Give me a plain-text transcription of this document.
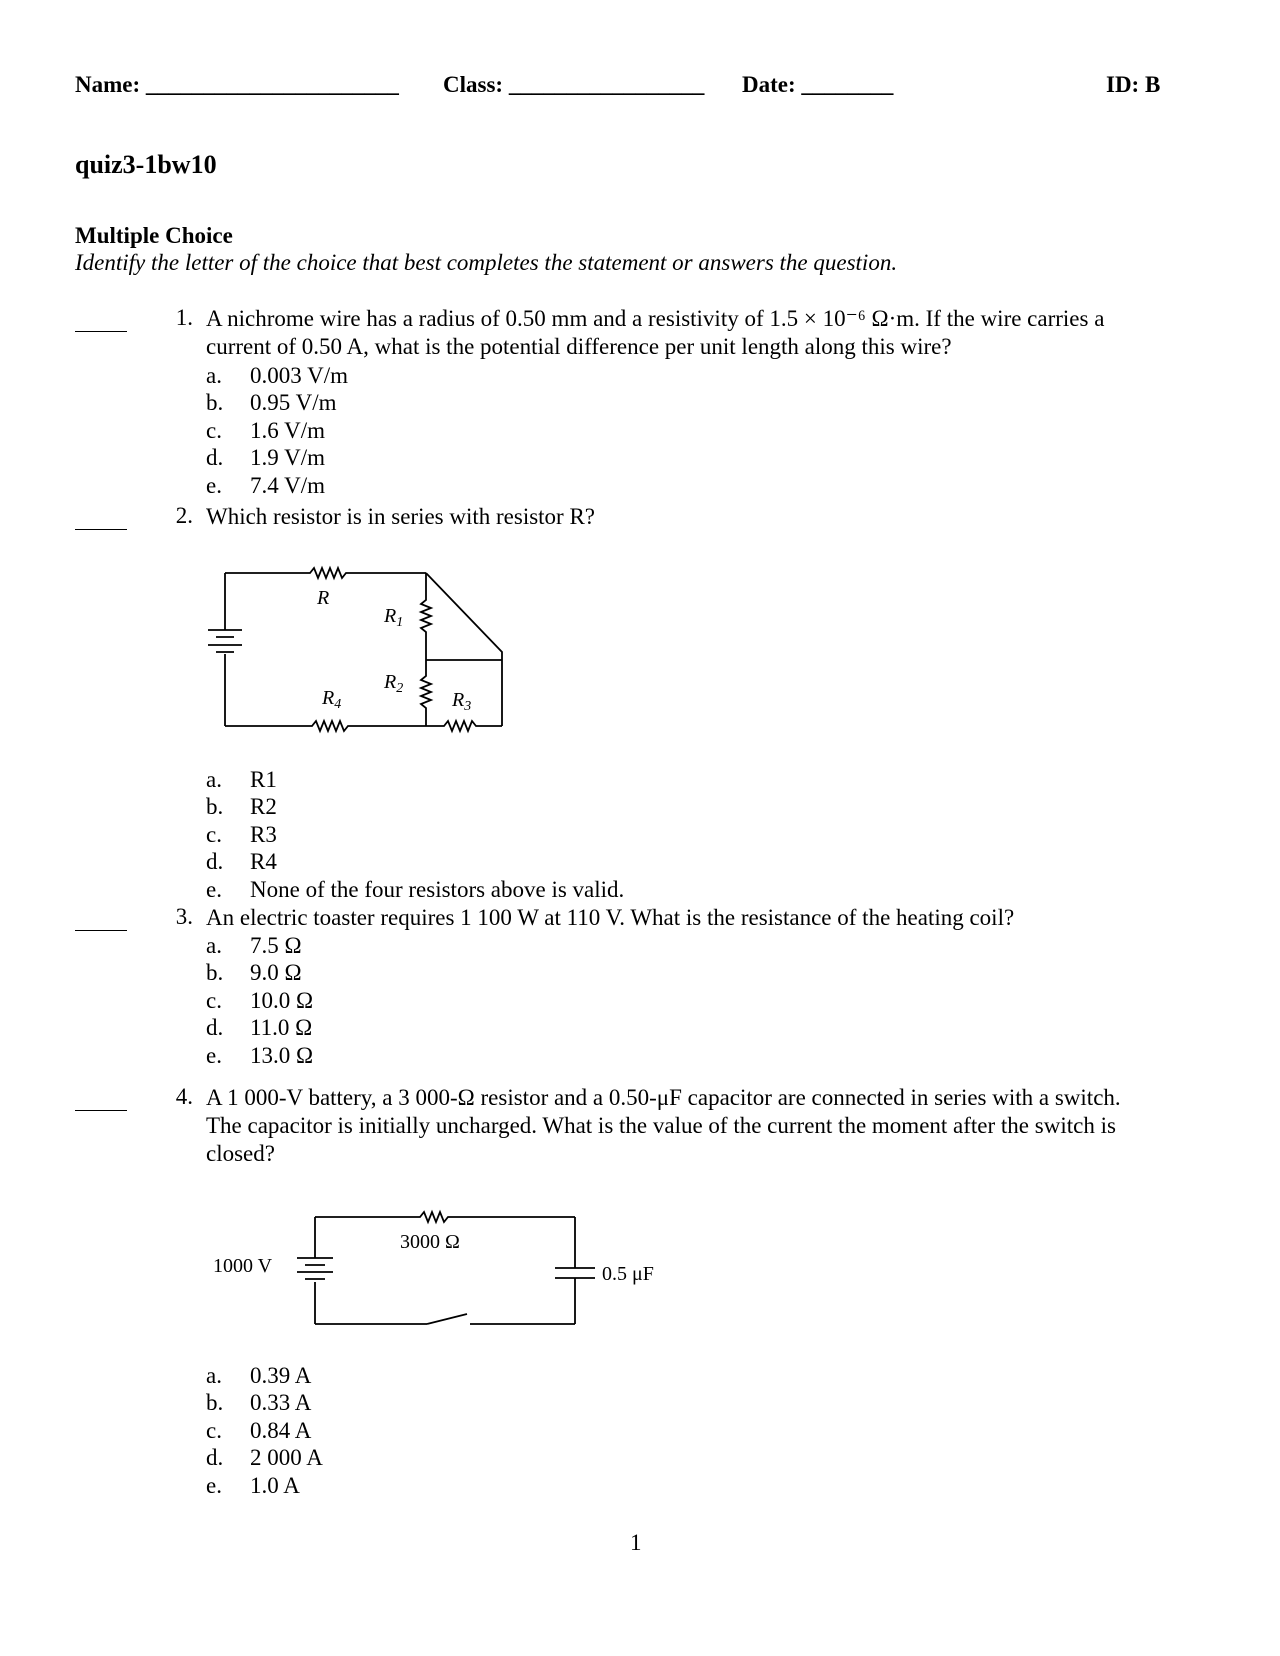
Name: ______________________ Class: _________________ Date: ________	ID: B
quiz3-1bw10
Multiple Choice
Identify the letter of the choice that best completes the statement or answers the question.
1. A nichrome wire has a radius of 0.50 mm and a resistivity of 1.5 × 10⁻⁶ Ω·m. If the wire carries a
current of 0.50 A, what is the potential difference per unit length along this wire?
a. 0.003 V/m
b. 0.95 V/m
c. 1.6 V/m
d. 1.9 V/m
e. 7.4 V/m
2. Which resistor is in series with resistor R?
R
$R_1$
$R_2$
$R_3$
$R_4$
a. R1
b. R2
c. R3
d. R4
e. None of the four resistors above is valid.
3. An electric toaster requires 1 100 W at 110 V. What is the resistance of the heating coil?
a. 7.5 Ω
b. 9.0 Ω
c. 10.0 Ω
d. 11.0 Ω
e. 13.0 Ω
4. A 1 000-V battery, a 3 000-Ω resistor and a 0.50-μF capacitor are connected in series with a switch.
The capacitor is initially uncharged. What is the value of the current the moment after the switch is
closed?
1000 V
3000 Ω
0.5 μF
a. 0.39 A
b. 0.33 A
c. 0.84 A
d. 2 000 A
e. 1.0 A
1
